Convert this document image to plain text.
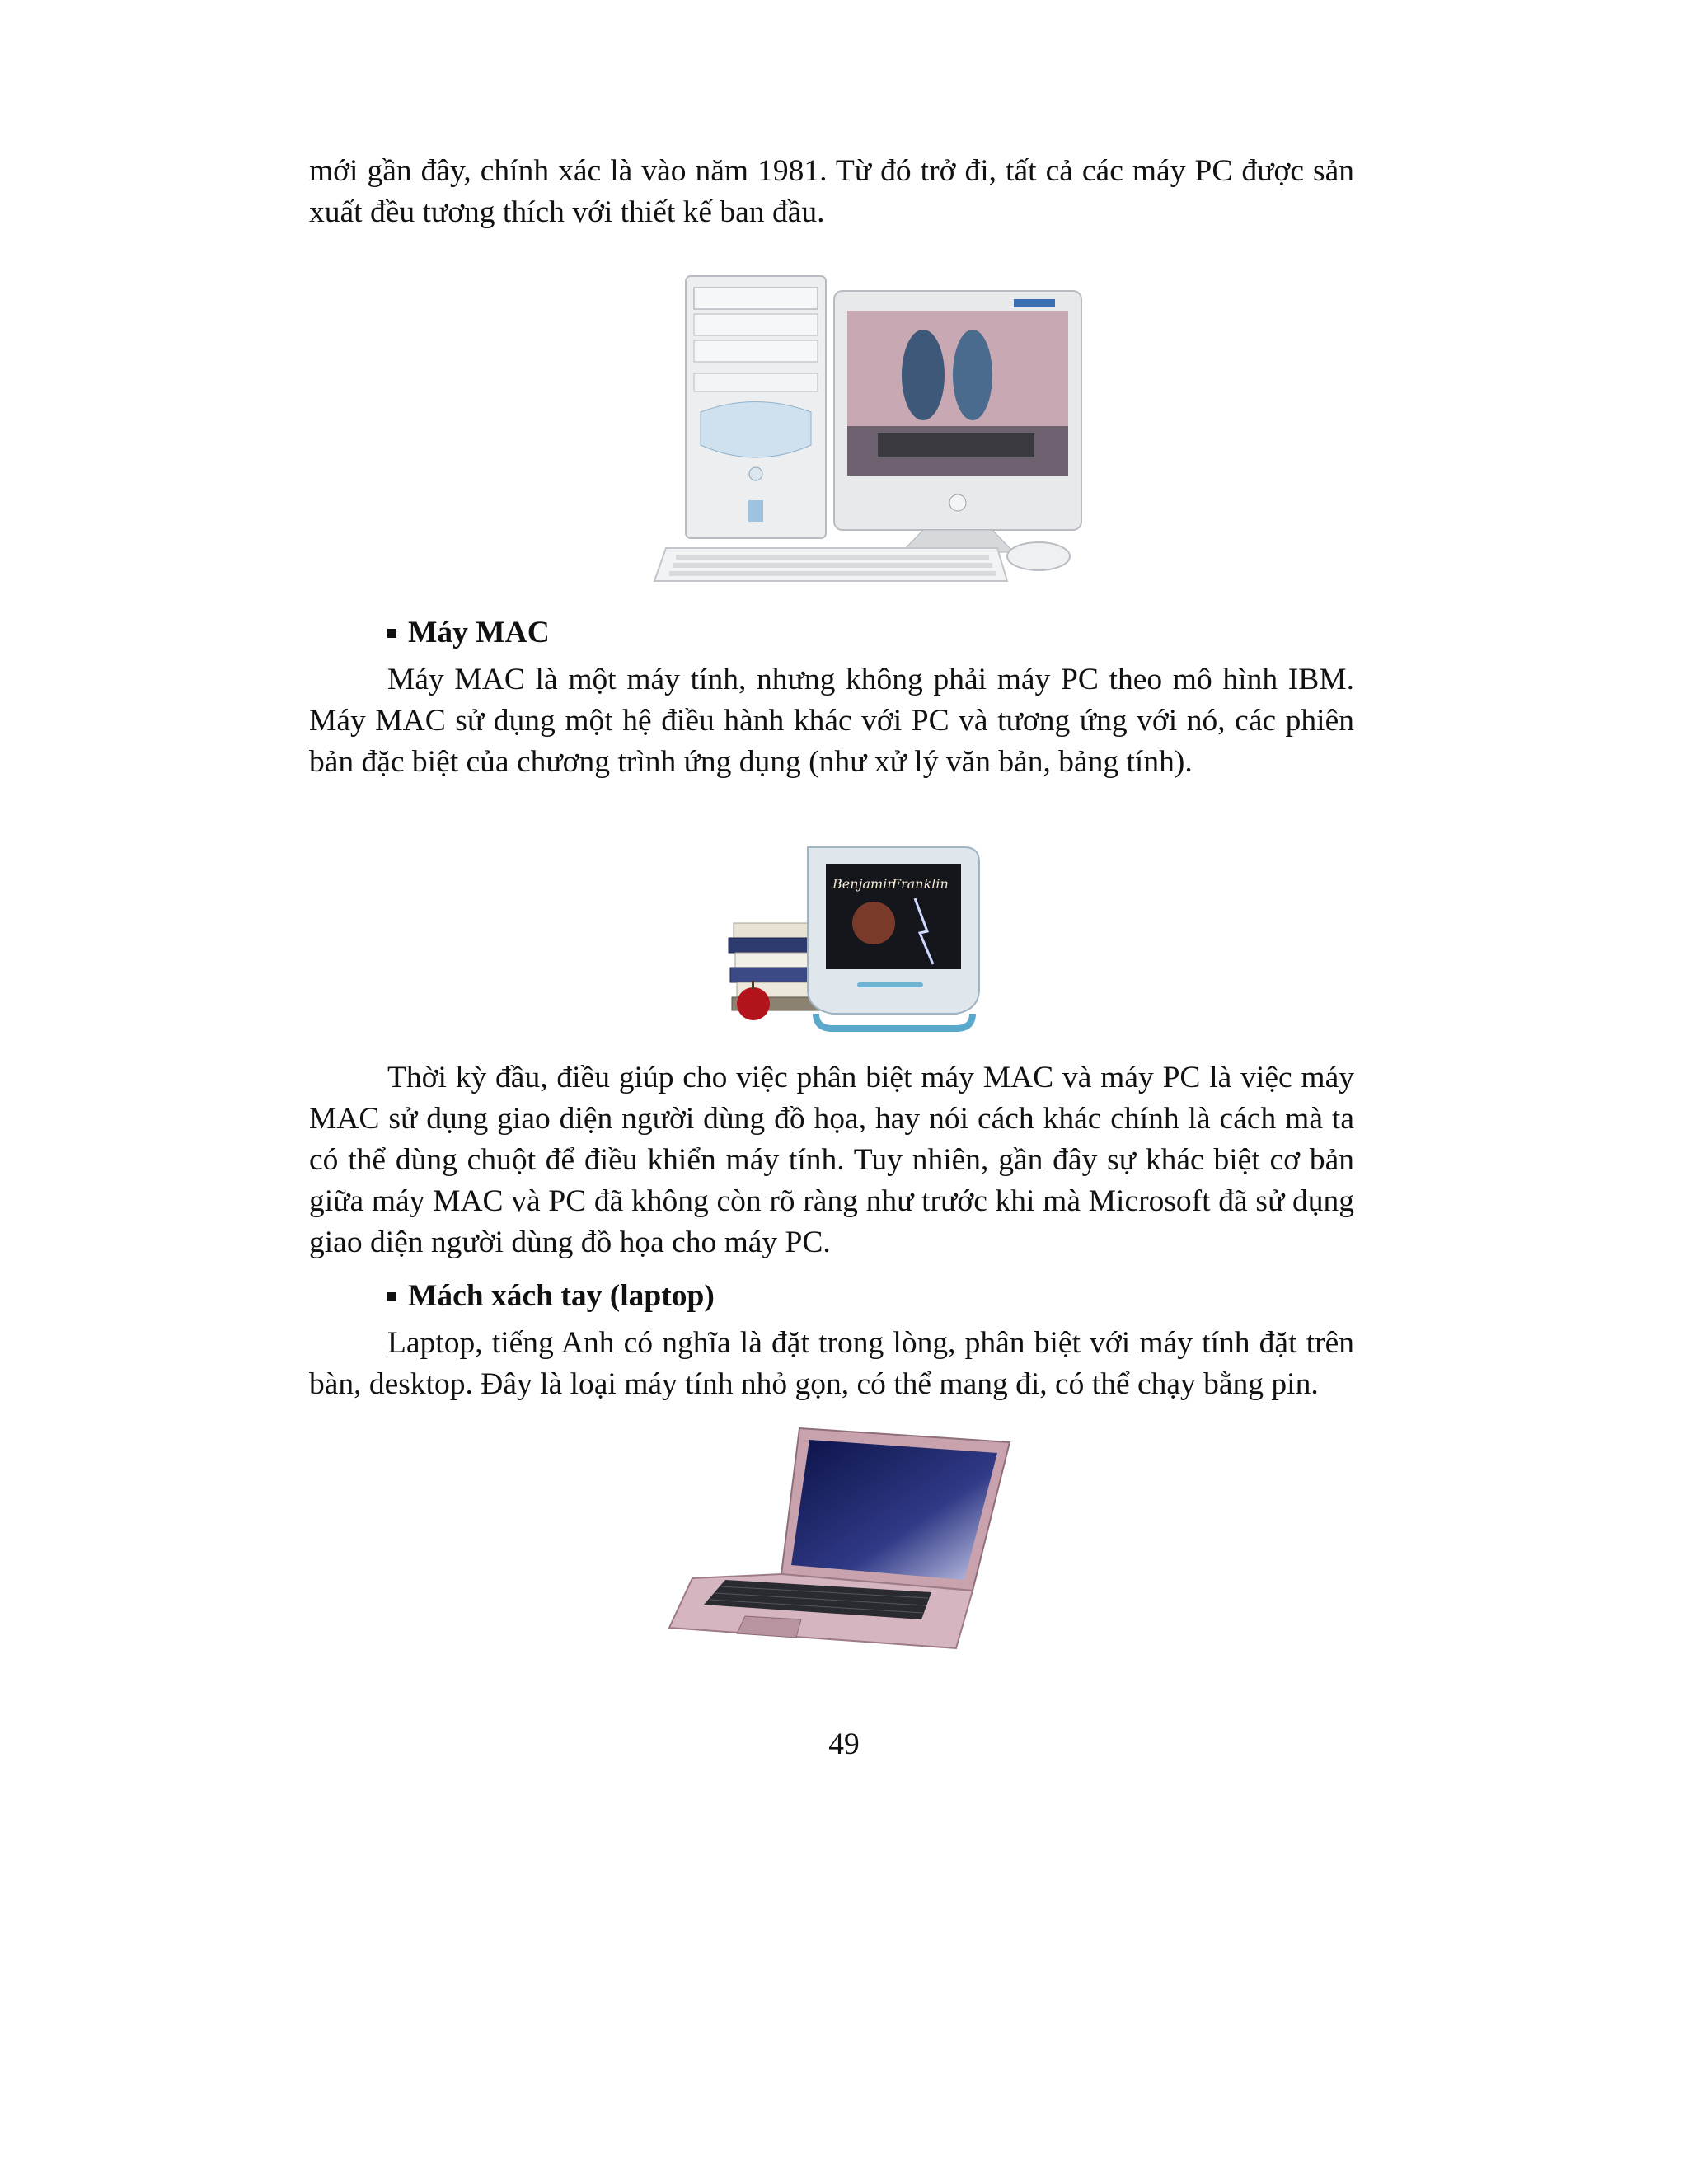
mới gần đây, chính xác là vào năm 1981. Từ đó trở đi, tất cả các máy PC được sản xuất đều tương thích với thiết kế ban đầu.

Máy MAC

Máy MAC là một máy tính, nhưng không phải máy PC theo mô hình IBM. Máy MAC sử dụng một hệ điều hành khác với PC và tương ứng với nó, các phiên bản đặc biệt của chương trình ứng dụng (như xử lý văn bản, bảng tính).

Benjamin
Franklin

Thời kỳ đầu, điều giúp cho việc phân biệt máy MAC và máy PC là việc máy MAC sử dụng giao diện người dùng đồ họa, hay nói cách khác chính là cách mà ta có thể dùng chuột để điều khiển máy tính. Tuy nhiên, gần đây sự khác biệt cơ bản giữa máy MAC và PC đã không còn rõ ràng như trước khi mà Microsoft đã sử dụng giao diện người dùng đồ họa cho máy PC.

Mách xách tay (laptop)

Laptop, tiếng Anh có nghĩa là đặt trong lòng, phân biệt với máy tính đặt trên bàn, desktop. Đây là loại máy tính nhỏ gọn, có thể mang đi, có thể chạy bằng pin.

49
